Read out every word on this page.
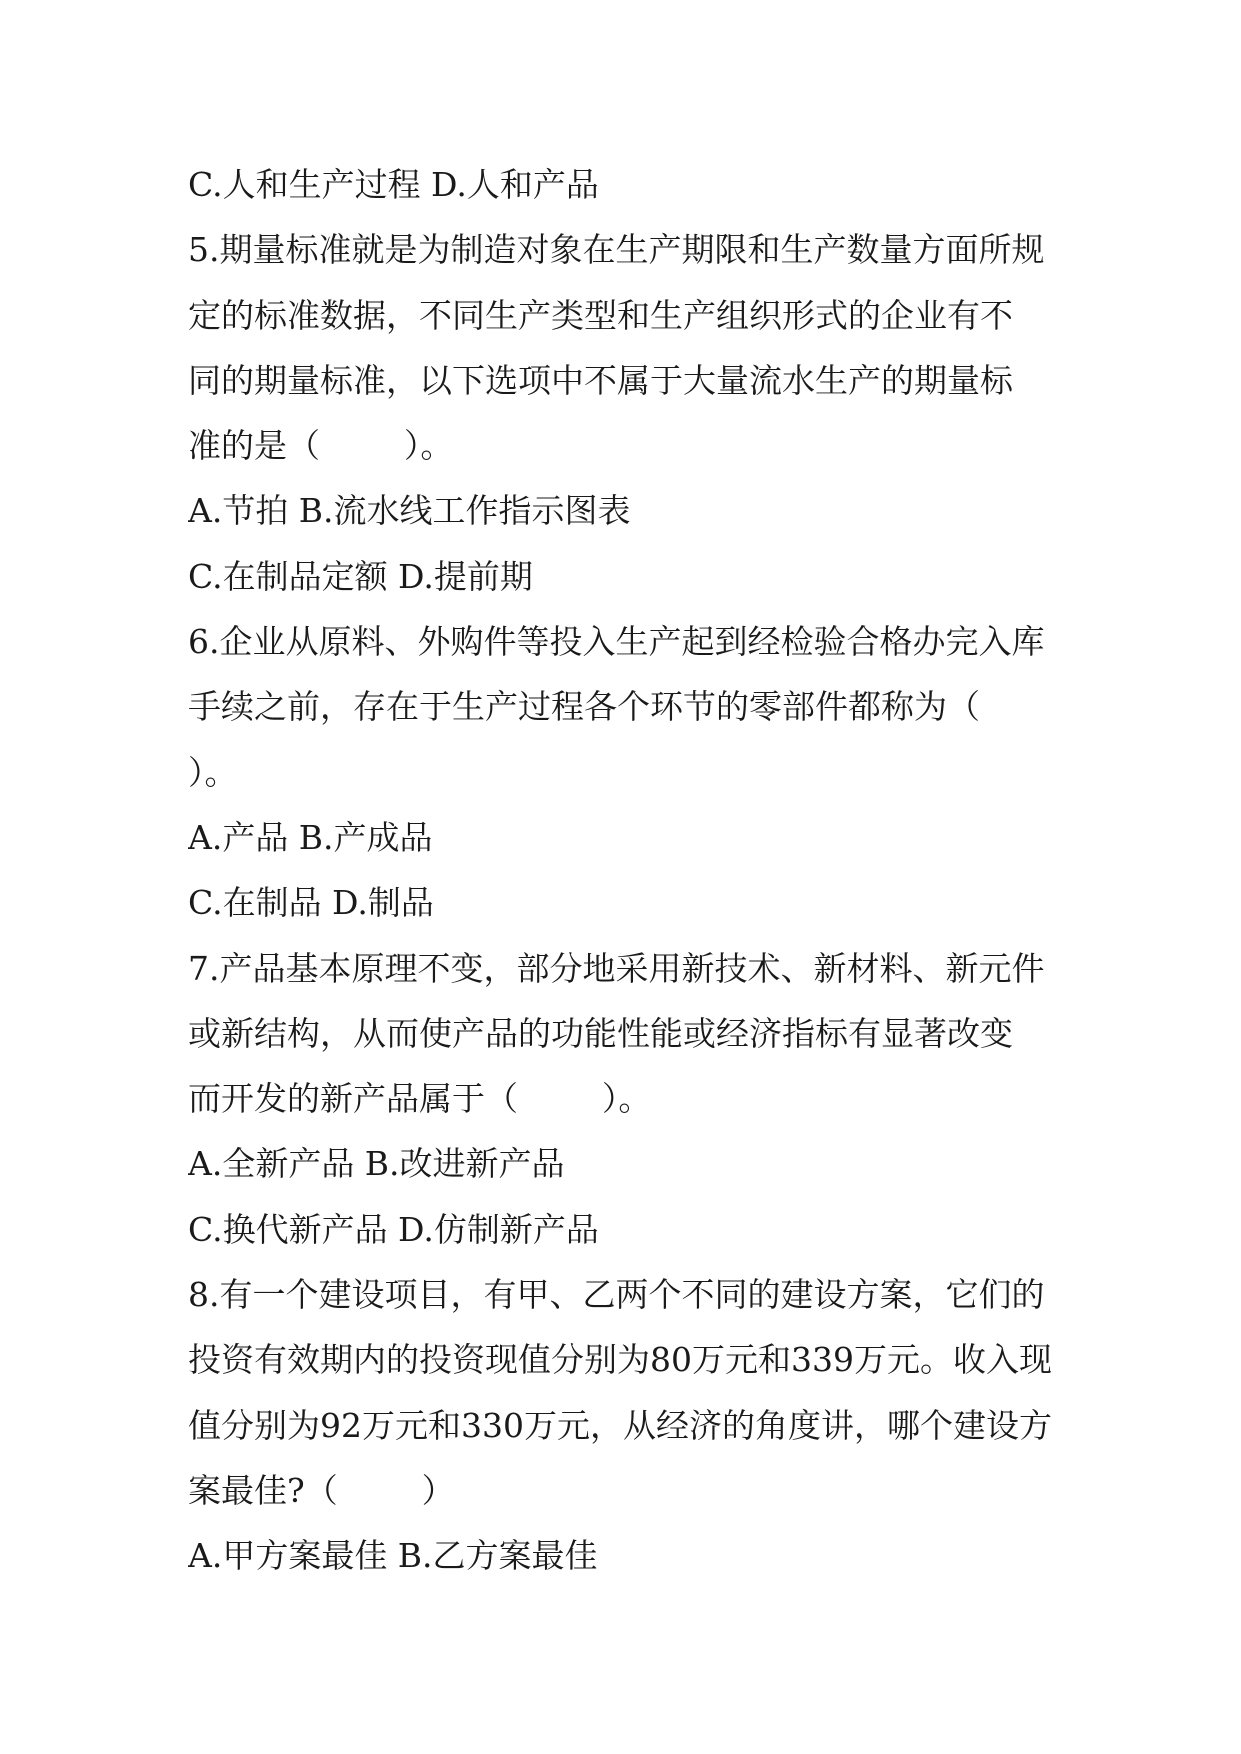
C.人和生产过程 D.人和产品
5.期量标准就是为制造对象在生产期限和生产数量方面所规
定的标准数据，不同生产类型和生产组织形式的企业有不
同的期量标准，以下选项中不属于大量流水生产的期量标
准的是（        ）。
A.节拍 B.流水线工作指示图表
C.在制品定额 D.提前期
6.企业从原料、外购件等投入生产起到经检验合格办完入库
手续之前，存在于生产过程各个环节的零部件都称为（
）。
A.产品 B.产成品
C.在制品 D.制品
7.产品基本原理不变，部分地采用新技术、新材料、新元件
或新结构，从而使产品的功能性能或经济指标有显著改变
而开发的新产品属于（        ）。
A.全新产品 B.改进新产品
C.换代新产品 D.仿制新产品
8.有一个建设项目，有甲、乙两个不同的建设方案，它们的
投资有效期内的投资现值分别为80万元和339万元。收入现
值分别为92万元和330万元，从经济的角度讲，哪个建设方
案最佳?（        ）
A.甲方案最佳 B.乙方案最佳
